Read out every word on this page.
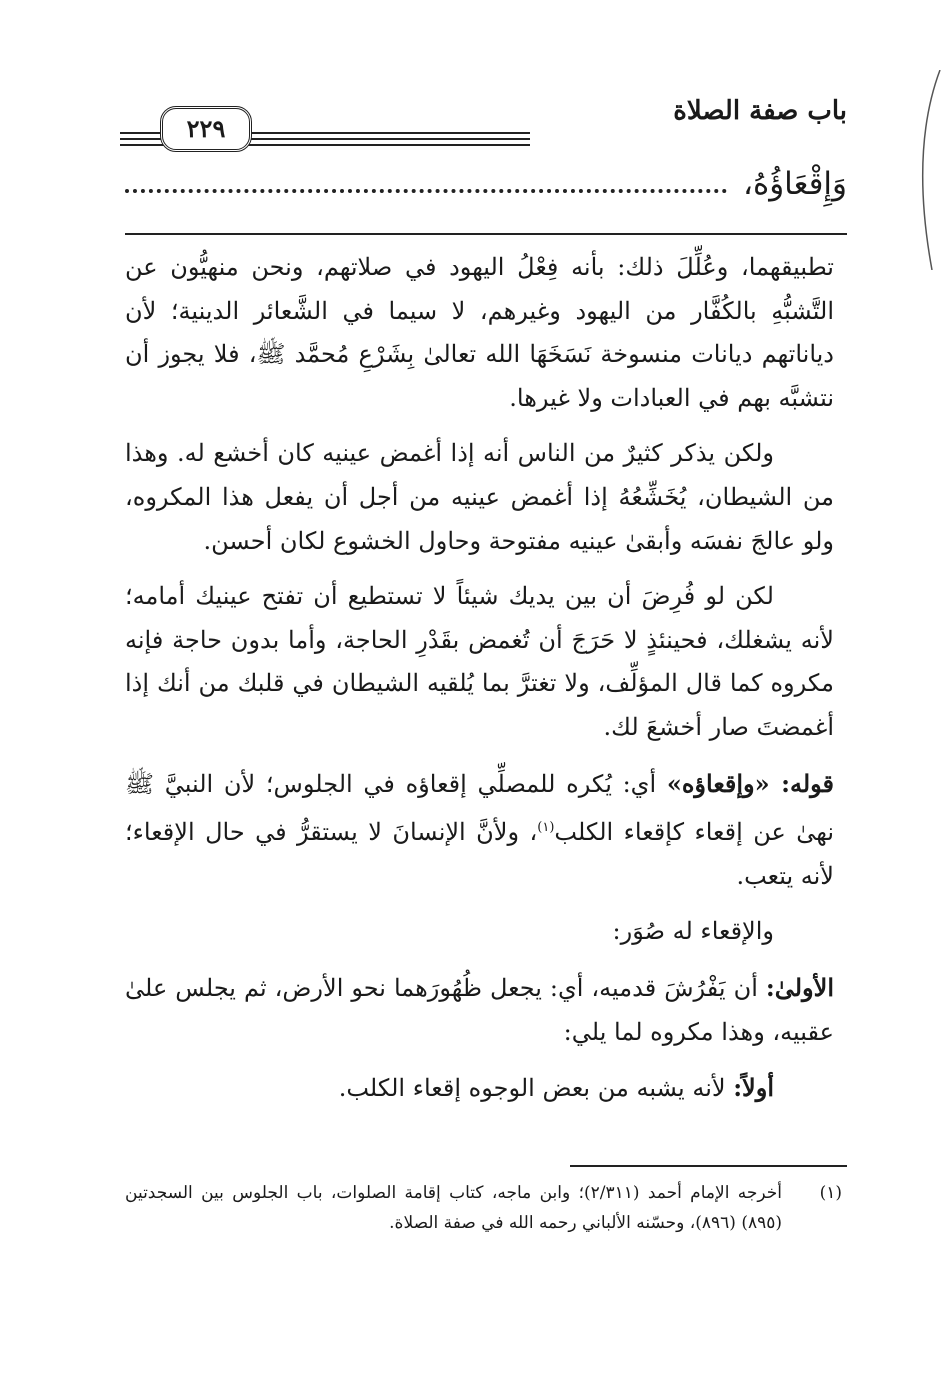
باب صفة الصلاة
٢٢٩
وَإِقْعَاؤُهُ،

تطبيقهما، وعُلِّلَ ذلك: بأنه فِعْلُ اليهود في صلاتهم، ونحن منهيُّون عن التَّشبُّهِ بالكُفَّار من اليهود وغيرهم، لا سيما في الشَّعائر الدينية؛ لأن دياناتهم ديانات منسوخة نَسَخَهَا الله تعالىٰ بِشَرْعِ مُحمَّد ﷺ، فلا يجوز أن نتشبَّه بهم في العبادات ولا غيرها.

ولكن يذكر كثيرٌ من الناس أنه إذا أغمض عينيه كان أخشع له. وهذا من الشيطان، يُخَشِّعُهُ إذا أغمض عينيه من أجل أن يفعل هذا المكروه، ولو عالجَ نفسَه وأبقىٰ عينيه مفتوحة وحاول الخشوع لكان أحسن.

لكن لو فُرِضَ أن بين يديك شيئاً لا تستطيع أن تفتح عينيك أمامه؛ لأنه يشغلك، فحينئذٍ لا حَرَجَ أن تُغمض بقَدْرِ الحاجة، وأما بدون حاجة فإنه مكروه كما قال المؤلِّف، ولا تغترَّ بما يُلقيه الشيطان في قلبك من أنك إذا أغمضتَ صار أخشعَ لك.

قوله: «وإقعاؤه» أي: يُكره للمصلِّي إقعاؤه في الجلوس؛ لأن النبيَّ ﷺ نهىٰ عن إقعاء كإقعاء الكلب$^{(١)}$، ولأنَّ الإنسانَ لا يستقرُّ في حال الإقعاء؛ لأنه يتعب.

والإقعاء له صُوَر:

الأولىٰ: أن يَفْرُشَ قدميه، أي: يجعل ظُهُورَهما نحو الأرض، ثم يجلس علىٰ عقبيه، وهذا مكروه لما يلي:

أولاً: لأنه يشبه من بعض الوجوه إقعاء الكلب.

(١)
أخرجه الإمام أحمد (٢/٣١١)؛ وابن ماجه، كتاب إقامة الصلوات، باب الجلوس بين السجدتين (٨٩٥) (٨٩٦)، وحسّنه الألباني رحمه الله في صفة الصلاة.
